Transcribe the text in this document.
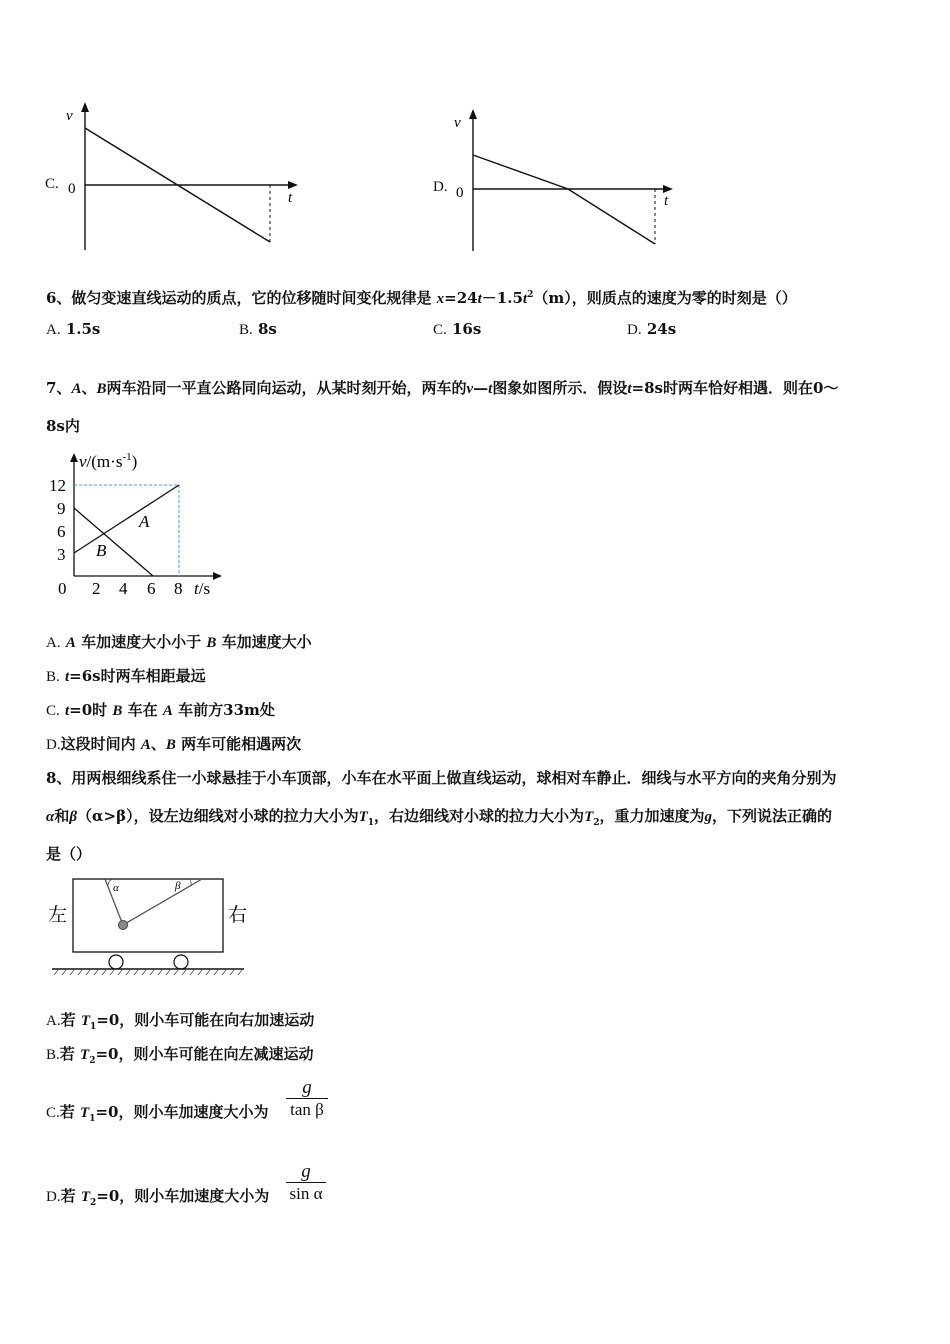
C.
v
0
t
D.
v
0	t
6、做匀变速直线运动的质点，它的位移随时间变化规律是 $x=24t-1.5t^2(m)$，则质点的速度为零的时刻是（）
A. 1.5s	B. 8s	C. 16s	D. 24s
7、A、B两车沿同一平直公路同向运动，从某时刻开始，两车的v—t图象如图所示．假设t=8s时两车恰好相遇．则在0～
8s内
A
B
12
9
6
3
0 2 4 6 8
$v/(m\cdot s^{-1})$
t/s
A. A 车加速度大小小于 B 车加速度大小
B. t=6s时两车相距最远
C. t=0时 B 车在 A 车前方33m处
D.这段时间内 A、B 两车可能相遇两次
8、用两根细线系住一小球悬挂于小车顶部，小车在水平面上做直线运动，球相对车静止．细线与水平方向的夹角分别为
α和β（α>β），设左边细线对小球的拉力大小为$T_1$，右边细线对小球的拉力大小为$T_2$，重力加速度为g，下列说法正确的
是（）
左	右
α	β
A.若 $T_1=0$，则小车可能在向右加速运动
B.若 $T_2=0$，则小车可能在向左减速运动
C.若 $T_1=0$，则小车加速度大小为
g
tan β
D.若 $T_2=0$，则小车加速度大小为
g
sin α
